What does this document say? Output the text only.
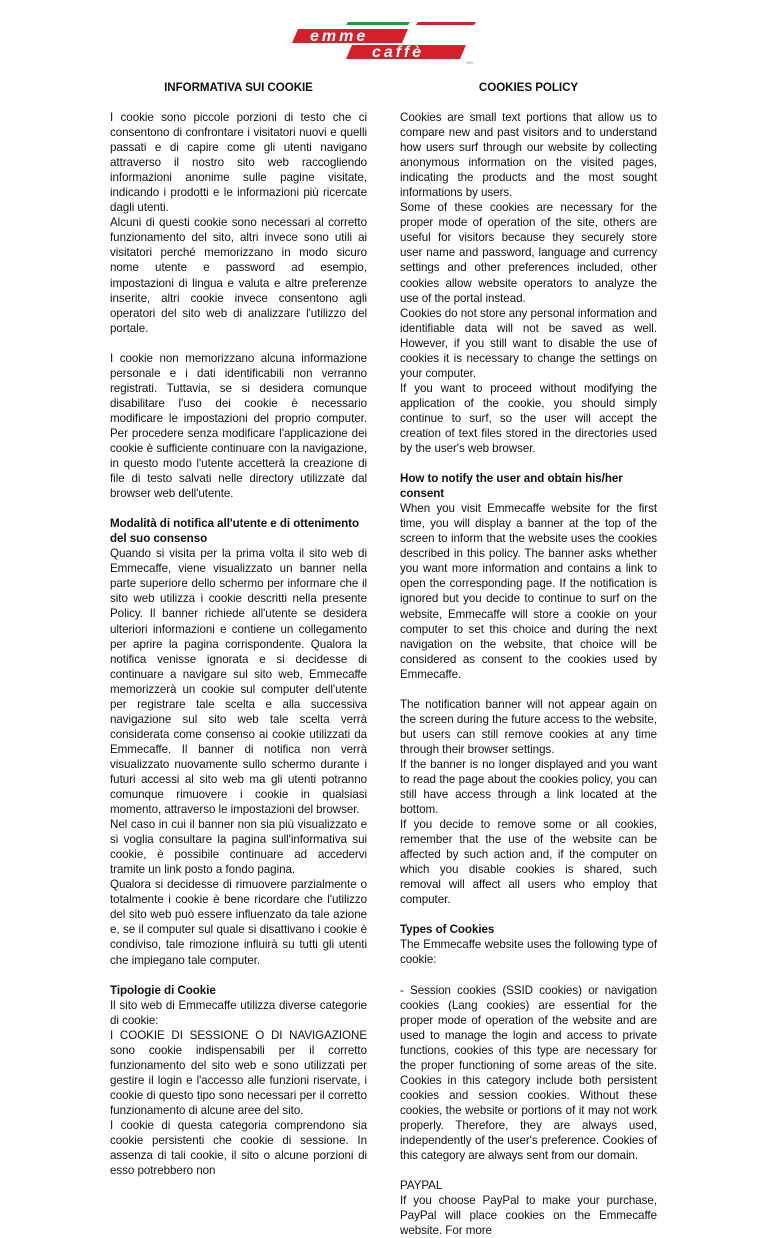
emme
caffè
SRL
INFORMATIVA SUI COOKIE

I cookie sono piccole porzioni di testo che ci consentono di confrontare i visitatori nuovi e quelli passati e di capire come gli utenti navigano attraverso il nostro sito web raccogliendo informazioni anonime sulle pagine visitate, indicando i prodotti e le informazioni più ricercate dagli utenti.
Alcuni di questi cookie sono necessari al corretto funzionamento del sito, altri invece sono utili ai visitatori perché memorizzano in modo sicuro nome utente e password ad esempio, impostazioni di lingua e valuta e altre preferenze inserite, altri cookie invece consentono agli operatori del sito web di analizzare l'utilizzo del portale.

I cookie non memorizzano alcuna informazione personale e i dati identificabili non verranno registrati. Tuttavia, se si desidera comunque disabilitare l'uso dei cookie è necessario modificare le impostazioni del proprio computer. Per procedere senza modificare l'applicazione dei cookie è sufficiente continuare con la navigazione, in questo modo l'utente accetterà la creazione di file di testo salvati nelle directory utilizzate dal browser web dell'utente.

Modalità di notifica all'utente e di ottenimento del suo consenso

Quando si visita per la prima volta il sito web di Emmecaffe, viene visualizzato un banner nella parte superiore dello schermo per informare che il sito web utilizza i cookie descritti nella presente Policy. Il banner richiede all'utente se desidera ulteriori informazioni e contiene un collegamento per aprire la pagina corrispondente. Qualora la notifica venisse ignorata e si decidesse di continuare a navigare sul sito web, Emmecaffe memorizzerà un cookie sul computer dell'utente per registrare tale scelta e alla successiva navigazione sul sito web tale scelta verrà considerata come consenso ai cookie utilizzati da Emmecaffe. Il banner di notifica non verrà visualizzato nuovamente sullo schermo durante i futuri accessi al sito web ma gli utenti potranno comunque rimuovere i cookie in qualsiasi momento, attraverso le impostazioni del browser.
Nel caso in cui il banner non sia più visualizzato e si voglia consultare la pagina sull'informativa sui cookie, è possibile continuare ad accedervi tramite un link posto a fondo pagina.
Qualora si decidesse di rimuovere parzialmente o totalmente i cookie è bene ricordare che l'utilizzo del sito web può essere influenzato da tale azione e, se il computer sul quale si disattivano i cookie è condiviso, tale rimozione influirà su tutti gli utenti che impiegano tale computer.

Tipologie di Cookie

Il sito web di Emmecaffe utilizza diverse categorie di cookie:
I COOKIE DI SESSIONE O DI NAVIGAZIONE sono cookie indispensabili per il corretto funzionamento del sito web e sono utilizzati per gestire il login e l'accesso alle funzioni riservate, i cookie di questo tipo sono necessari per il corretto funzionamento di alcune aree del sito.
I cookie di questa categoria comprendono sia cookie persistenti che cookie di sessione. In assenza di tali cookie, il sito o alcune porzioni di esso potrebbero non

COOKIES POLICY

Cookies are small text portions that allow us to compare new and past visitors and to understand how users surf through our website by collecting anonymous information on the visited pages, indicating the products and the most sought informations by users.
Some of these cookies are necessary for the proper mode of operation of the site, others are useful for visitors because they securely store user name and password, language and currency settings and other preferences included, other cookies allow website operators to analyze the use of the portal instead.
Cookies do not store any personal information and identifiable data will not be saved as well. However, if you still want to disable the use of cookies it is necessary to change the settings on your computer.
If you want to proceed without modifying the application of the cookie, you should simply continue to surf, so the user will accept the creation of text files stored in the directories used by the user's web browser.

How to notify the user and obtain his/her consent

When you visit Emmecaffe website for the first time, you will display a banner at the top of the screen to inform that the website uses the cookies described in this policy. The banner asks whether you want more information and contains a link to open the corresponding page. If the notification is ignored but you decide to continue to surf on the website, Emmecaffe will store a cookie on your computer to set this choice and during the next navigation on the website, that choice will be considered as consent to the cookies used by Emmecaffe.

The notification banner will not appear again on the screen during the future access to the website, but users can still remove cookies at any time through their browser settings.
If the banner is no longer displayed and you want to read the page about the cookies policy, you can still have access through a link located at the bottom.
If you decide to remove some or all cookies, remember that the use of the website can be affected by such action and, if the computer on which you disable cookies is shared, such removal will affect all users who employ that computer.

Types of Cookies

The Emmecaffe website uses the following type of cookie:

- Session cookies (SSID cookies) or navigation cookies (Lang cookies) are essential for the proper mode of operation of the website and are used to manage the login and access to private functions, cookies of this type are necessary for the proper functioning of some areas of the site. Cookies in this category include both persistent cookies and session cookies. Without these cookies, the website or portions of it may not work properly. Therefore, they are always used, independently of the user's preference. Cookies of this category are always sent from our domain.

PAYPAL
If you choose PayPal to make your purchase, PayPal will place cookies on the Emmecaffe website. For more
